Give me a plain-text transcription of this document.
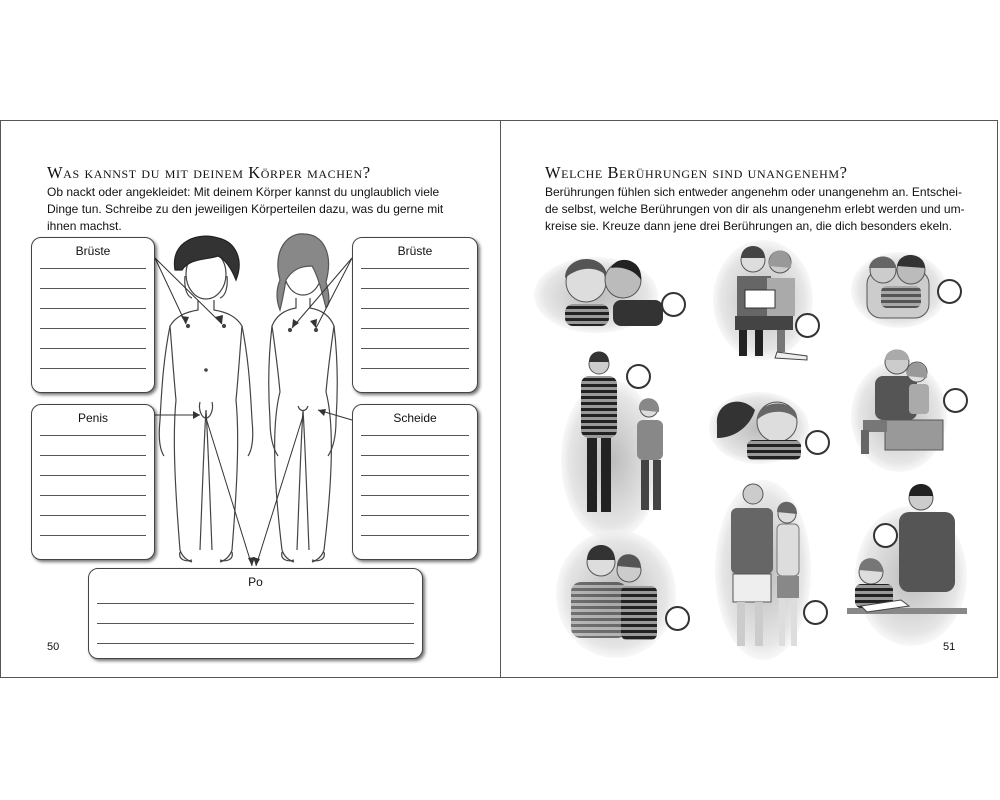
Was kannst du mit deinem Körper machen?
Ob nackt oder angekleidet: Mit deinem Körper kannst du unglaublich viele Dinge tun. Schreibe zu den jeweiligen Körperteilen dazu, was du gerne mit ihnen machst.
Brüste	Brüste
Penis	Scheide
Po
50
Welche Berührungen sind unangenehm?
Berührungen fühlen sich entweder angenehm oder unangenehm an. Entschei-de selbst, welche Berührungen von dir als unangenehm erlebt werden und um-kreise sie. Kreuze dann jene drei Berührungen an, die dich besonders ekeln.
51
